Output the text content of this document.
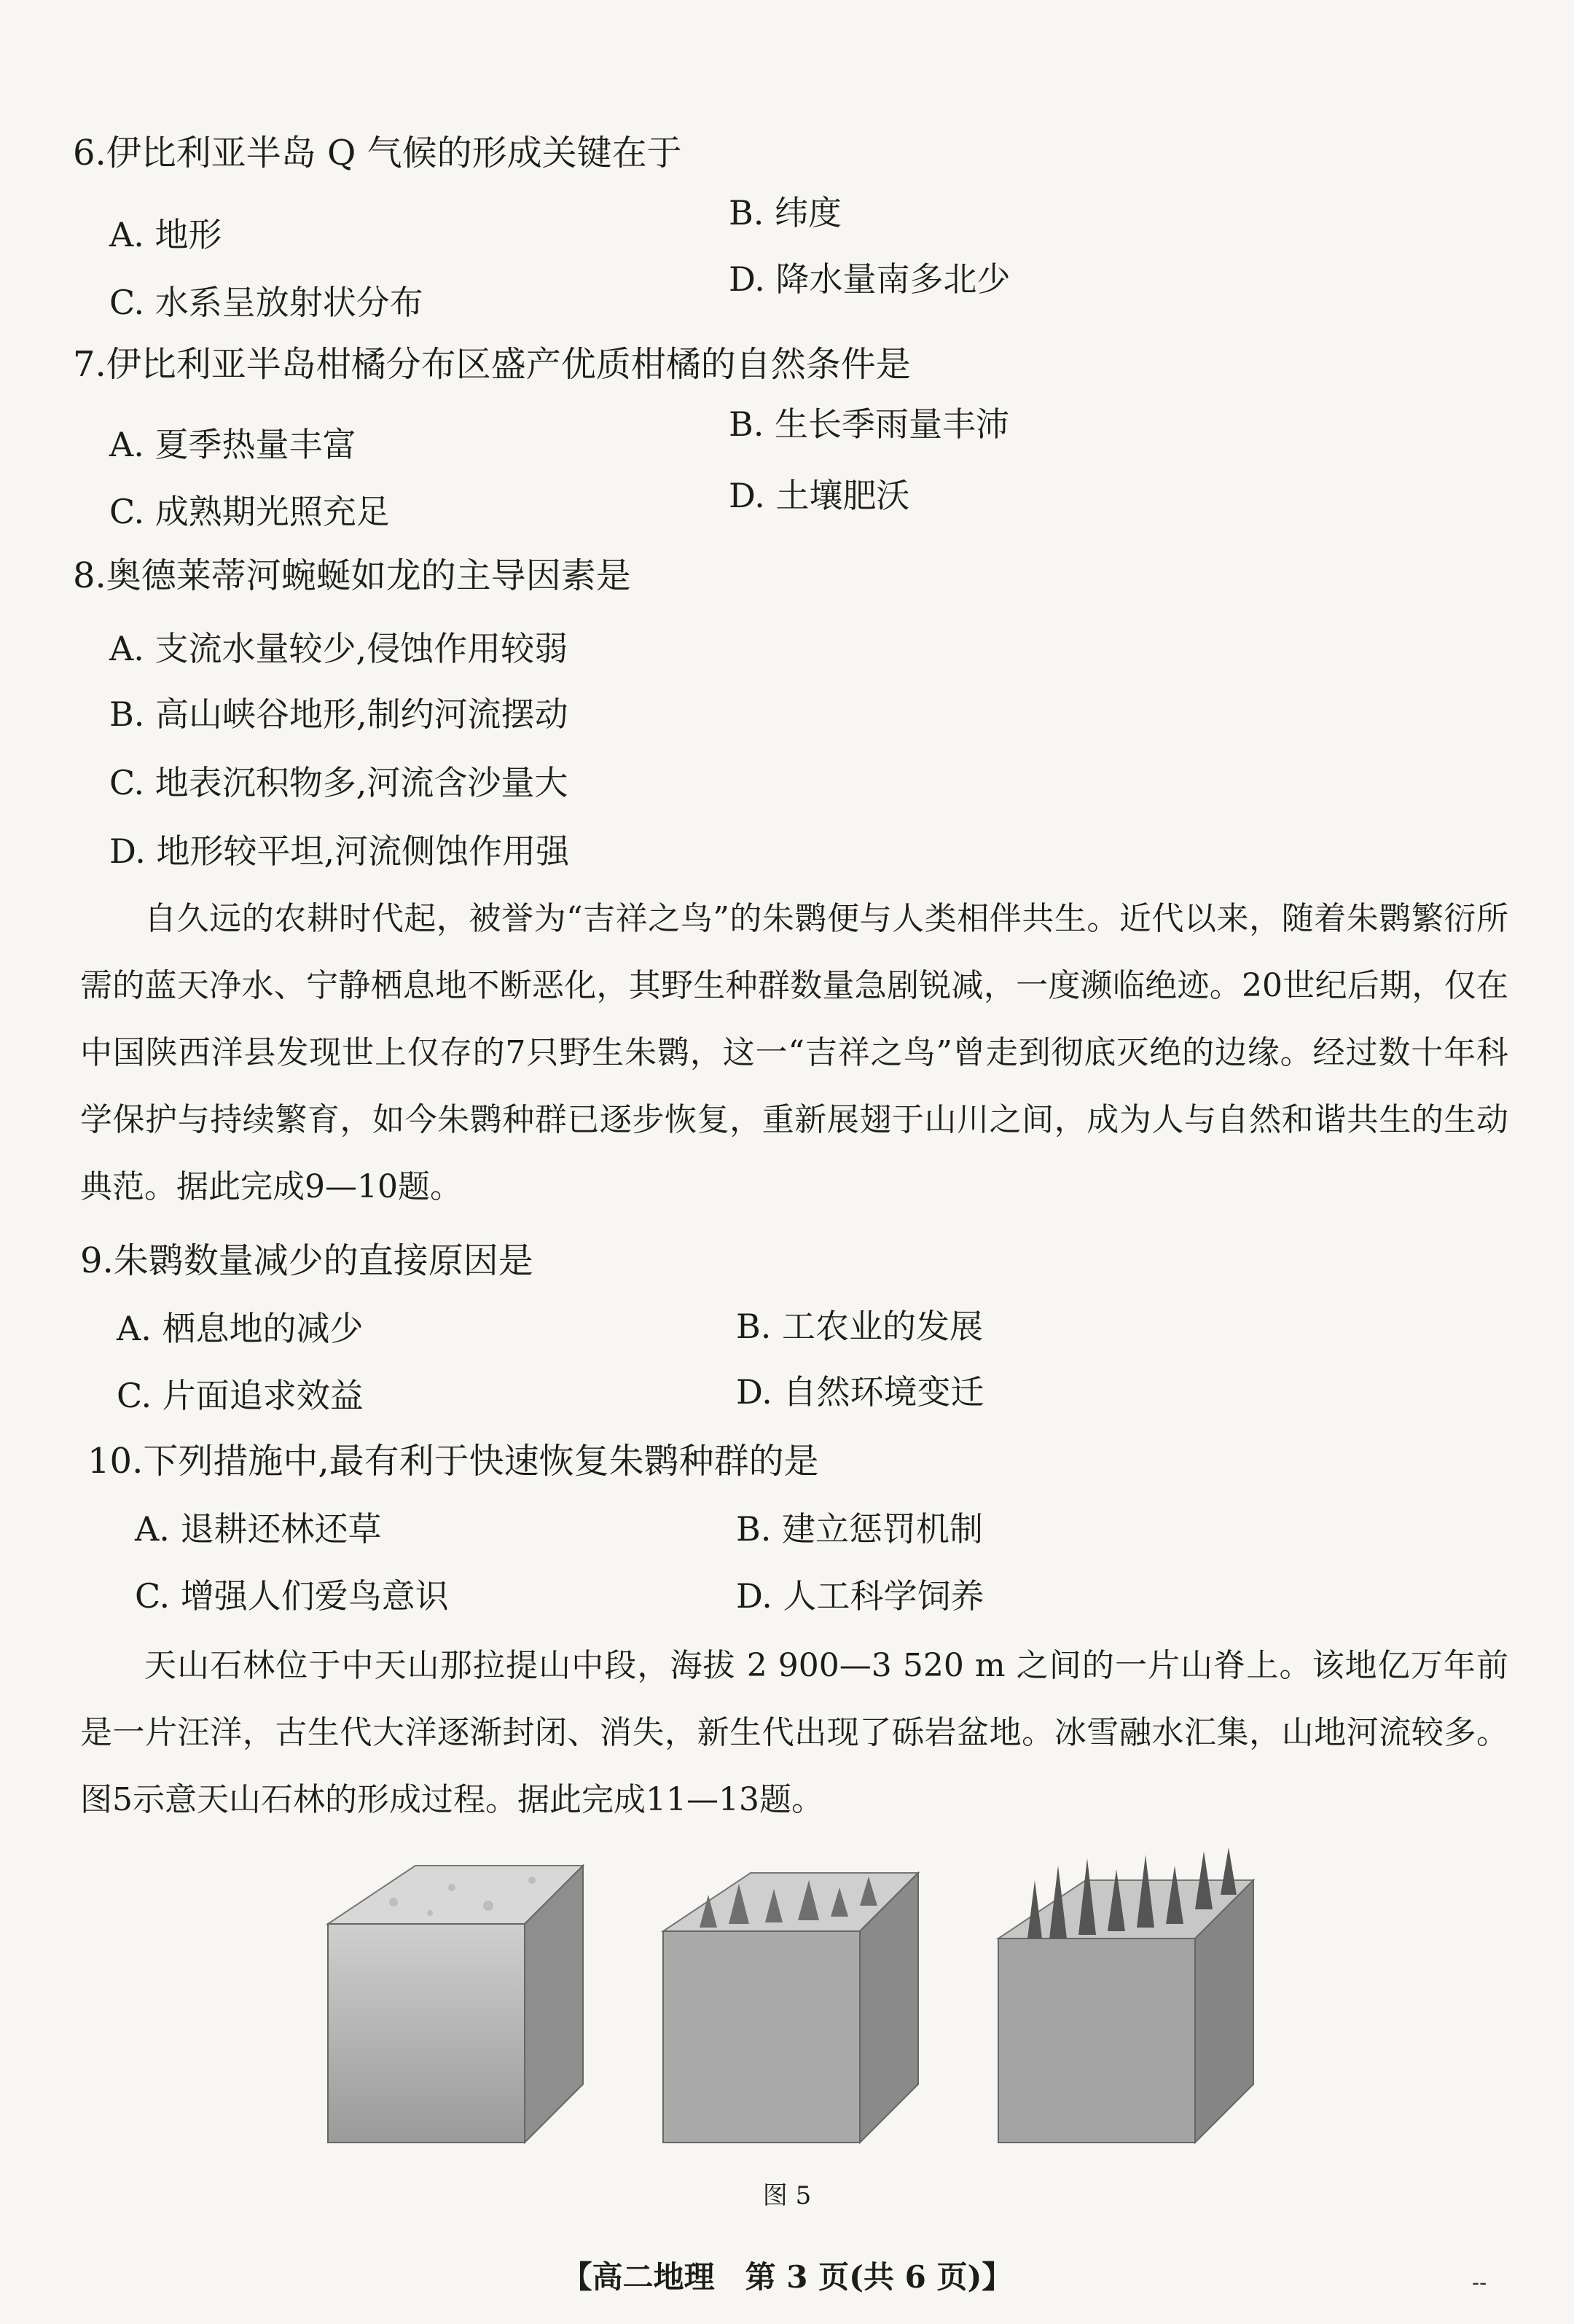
6.伊比利亚半岛 Q 气候的形成关键在于
A. 地形
B. 纬度
C. 水系呈放射状分布
D. 降水量南多北少
7.伊比利亚半岛柑橘分布区盛产优质柑橘的自然条件是
A. 夏季热量丰富
B. 生长季雨量丰沛
C. 成熟期光照充足	D. 土壤肥沃
8.奥德莱蒂河蜿蜒如龙的主导因素是
A. 支流水量较少,侵蚀作用较弱
B. 高山峡谷地形,制约河流摆动
C. 地表沉积物多,河流含沙量大
D. 地形较平坦,河流侧蚀作用强

自久远的农耕时代起，被誉为“吉祥之鸟”的朱鹮便与人类相伴共生。近代以来，随着朱鹮繁衍所需的蓝天净水、宁静栖息地不断恶化，其野生种群数量急剧锐减，一度濒临绝迹。20世纪后期，仅在中国陕西洋县发现世上仅存的7只野生朱鹮，这一“吉祥之鸟”曾走到彻底灭绝的边缘。经过数十年科学保护与持续繁育，如今朱鹮种群已逐步恢复，重新展翅于山川之间，成为人与自然和谐共生的生动典范。据此完成9—10题。

9.朱鹮数量减少的直接原因是
A. 栖息地的减少	B. 工农业的发展
C. 片面追求效益	D. 自然环境变迁
10.下列措施中,最有利于快速恢复朱鹮种群的是
A. 退耕还林还草	B. 建立惩罚机制
C. 增强人们爱鸟意识	D. 人工科学饲养

天山石林位于中天山那拉提山中段，海拔 2 900—3 520 m 之间的一片山脊上。该地亿万年前是一片汪洋，古生代大洋逐渐封闭、消失，新生代出现了砾岩盆地。冰雪融水汇集，山地河流较多。图5示意天山石林的形成过程。据此完成11—13题。

图 5
【高二地理　第 3 页(共 6 页)】	--
